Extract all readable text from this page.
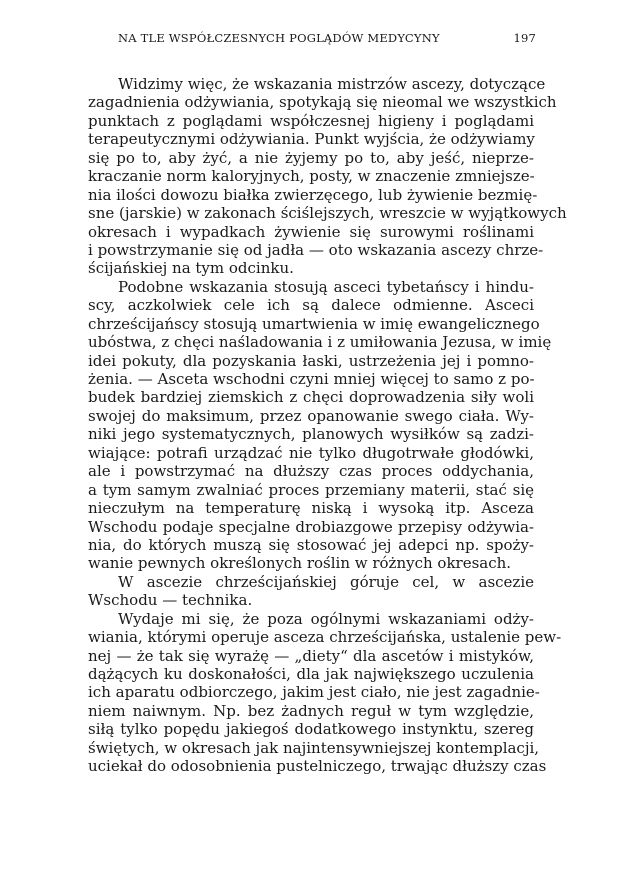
NA TLE WSPÓŁCZESNYCH POGLĄDÓW MEDYCYNY	197
Widzimy więc, że wskazania mistrzów ascezy, dotyczące
zagadnienia odżywiania, spotykają się nieomal we wszystkich
punktach z poglądami współczesnej higieny i poglądami
terapeutycznymi odżywiania. Punkt wyjścia, że odżywiamy
się po to, aby żyć, a nie żyjemy po to, aby jeść, nieprze-
kraczanie norm kaloryjnych, posty, w znaczenie zmniejsze-
nia ilości dowozu białka zwierzęcego, lub żywienie bezmię-
sne (jarskie) w zakonach ściślejszych, wreszcie w wyjątkowych
okresach i wypadkach żywienie się surowymi roślinami
i powstrzymanie się od jadła — oto wskazania ascezy chrze-
ścijańskiej na tym odcinku.
Podobne wskazania stosują asceci tybetańscy i hindu-
scy, aczkolwiek cele ich są dalece odmienne. Asceci
chrześcijańscy stosują umartwienia w imię ewangelicznego
ubóstwa, z chęci naśladowania i z umiłowania Jezusa, w imię
idei pokuty, dla pozyskania łaski, ustrzeżenia jej i pomno-
żenia. — Asceta wschodni czyni mniej więcej to samo z po-
budek bardziej ziemskich z chęci doprowadzenia siły woli
swojej do maksimum, przez opanowanie swego ciała. Wy-
niki jego systematycznych, planowych wysiłków są zadzi-
wiające: potrafi urządzać nie tylko długotrwałe głodówki,
ale i powstrzymać na dłuższy czas proces oddychania,
a tym samym zwalniać proces przemiany materii, stać się
nieczułym na temperaturę niską i wysoką itp. Asceza
Wschodu podaje specjalne drobiazgowe przepisy odżywia-
nia, do których muszą się stosować jej adepci np. spoży-
wanie pewnych określonych roślin w różnych okresach.
W ascezie chrześcijańskiej góruje cel, w ascezie
Wschodu — technika.
Wydaje mi się, że poza ogólnymi wskazaniami odży-
wiania, którymi operuje asceza chrześcijańska, ustalenie pew-
nej — że tak się wyrażę — „diety“ dla ascetów i mistyków,
dążących ku doskonałości, dla jak największego uczulenia
ich aparatu odbiorczego, jakim jest ciało, nie jest zagadnie-
niem naiwnym. Np. bez żadnych reguł w tym względzie,
siłą tylko popędu jakiegoś dodatkowego instynktu, szereg
świętych, w okresach jak najintensywniejszej kontemplacji,
uciekał do odosobnienia pustelniczego, trwając dłuższy czas
